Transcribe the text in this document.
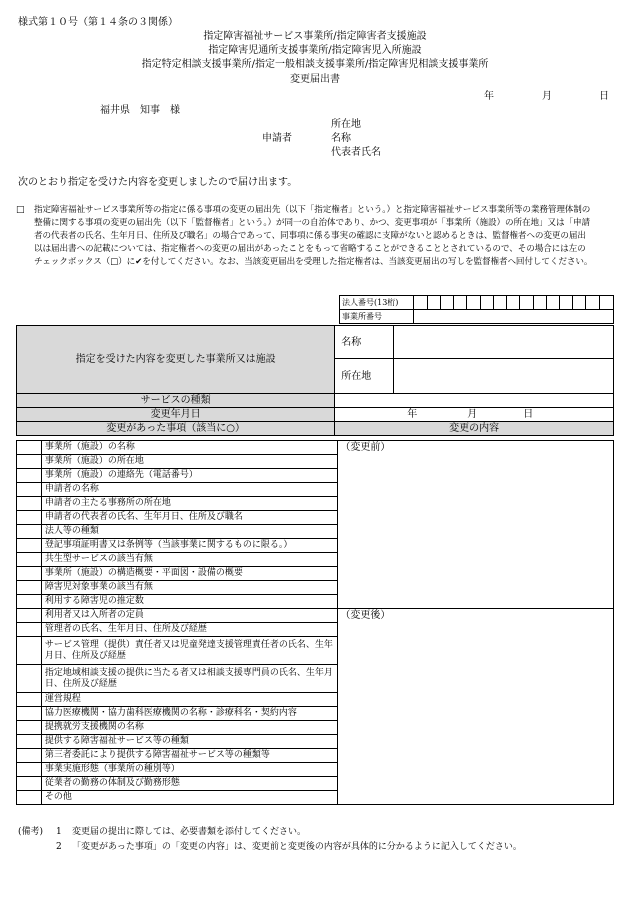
様式第１０号（第１４条の３関係）
指定障害福祉サービス事業所/指定障害者支援施設
指定障害児通所支援事業所/指定障害児入所施設
指定特定相談支援事業所/指定一般相談支援事業所/指定障害児相談支援事業所
変更届出書
年	月	日
福井県　知事　様
所在地
申請者	名称
代表者氏名
次のとおり指定を受けた内容を変更しましたので届け出ます。
□ 指定障害福祉サービス事業所等の指定に係る事項の変更の届出先（以下「指定権者」という。）と指定障害福祉サービス事業所等の業務管理体制の整備に関する事項の変更の届出先（以下「監督権者」という。）が同一の自治体であり、かつ、変更事項が「事業所（施設）の所在地」又は「申請者の代表者の氏名、生年月日、住所及び職名」の場合であって、同事項に係る事実の確認に支障がないと認めるときは、監督権者への変更の届出以は届出書への記載については、指定権者への変更の届出があったことをもって省略することができることとされているので、その場合には左のチェックボックス（□）に✔を付してください。なお、当該変更届出を受理した指定権者は、当該変更届出の写しを監督権者へ回付してください。
法人番号(13桁)															
事業所番号															
指定を受けた内容を変更した事業所又は施設	名称	
	所在地	
サービスの種類		
変更年月日	年 月 日	
変更があった事項（該当に○）	変更の内容	
	事業所（施設）の名称	（変更前）
	事業所（施設）の所在地	
	事業所（施設）の連絡先（電話番号）	
	申請者の名称	
	申請者の主たる事務所の所在地	
	申請者の代表者の氏名、生年月日、住所及び職名	
	法人等の種類	
	登記事項証明書又は条例等（当該事業に関するものに限る。）	
	共生型サービスの該当有無	
	事業所（施設）の構造概要・平面図・設備の概要	
	障害児対象事業の該当有無	
	利用する障害児の推定数	
	利用者又は入所者の定員	（変更後）
	管理者の氏名、生年月日、住所及び経歴	
	サービス管理（提供）責任者又は児童発達支援管理責任者の氏名、生年月日、住所及び経歴	
	指定地域相談支援の提供に当たる者又は相談支援専門員の氏名、生年月日、住所及び経歴	
	運営規程	
	協力医療機関・協力歯科医療機関の名称・診療科名・契約内容	
	提携就労支援機関の名称	
	提供する障害福祉サービス等の種類	
	第三者委託により提供する障害福祉サービス等の種類等	
	事業実施形態（事業所の種別等）	
	従業者の勤務の体制及び勤務形態	
	その他	
(備考) 1 変更届の提出に際しては、必要書類を添付してください。
2 「変更があった事項」の「変更の内容」は、変更前と変更後の内容が具体的に分かるように記入してください。
